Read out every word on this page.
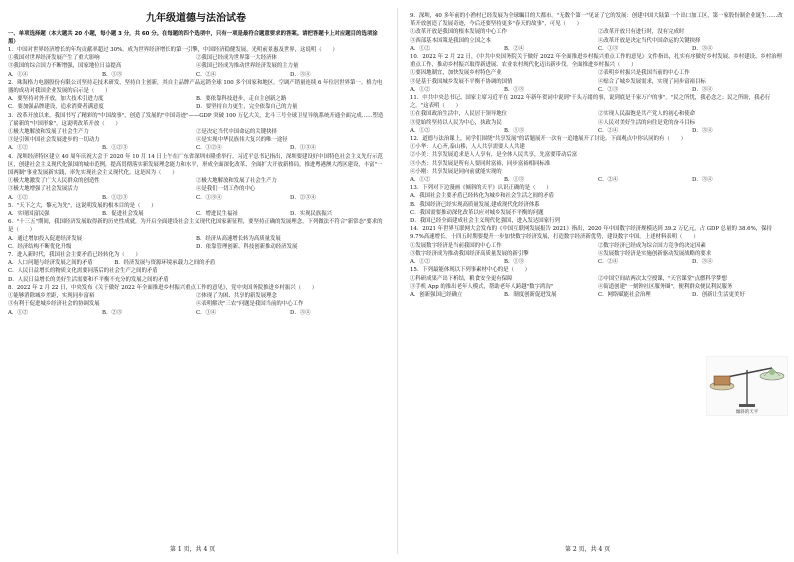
九年级道德与法治试卷
一、单项选择题（本大题共 20 小题，每小题 3 分，共 60 分。在每题的四个选项中，只有一项是最符合题意要求的答案。请把答题卡上对应题目的选项涂黑）
1．中国对世界经济增长的年均贡献率超过 30%，成为世界经济增长的第一引擎，中国经济稳健发展，光明前景惠及世界，这说明（　　）
①我国对世界经济发展产生了重大影响	②我国已经成为世界第一大经济体
③我国的综合国力不断增强，国家地位日益提高	④我国已经成为推动世界经济发展的主力量
A．①④	B．①③	C．②④	D．③④
2．珠海格力电器股份有限公司坚持走技术研发，坚持自主创新，其自主品牌产品远销全球 100 多个国家和地区，空调产销量连续 6 年位居世界第一。格力电器的成功对我国企业发展的启示是（　　）
A．要坚持对外开放，加大技术引进力度	B．要依靠科技进步，走自主创新之路
C．要加强品牌建设，追求消费者满意度	D．要坚持自力更生，完全依靠自己的力量
3．改革开放以来，我国书写了精彩的"中国故事"，创造了发展的"中国奇迹"——GDP 突破 100 万亿大关，北斗三号全球卫星导航系统开通全面完成……塑造了崭新的"中国形象"。这说明改革开放（　　）
①极大地解放和发展了社会生产力	②是决定当代中国命运的关键抉择
③是引领中国社会发展进步的一切动力	④是实现中华民族伟大复兴的唯一途径
A．①②	B．①②③	C．①②④	D．①③④
4．深圳经济特区建立 40 周年庆祝大会于 2020 年 10 月 14 日上午在广东省深圳市隆重举行。习近平总书记指出，深圳要建设好中国特色社会主义先行示范区，创建社会主义现代化强国的城市范例，提高贯彻落实新发展理念能力和水平，形成全面深化改革、全面扩大开放新格局，推进粤港澳大湾区建设，丰富"一国两制"事业发展新实践，率先实现社会主义现代化。这是因为（　　）
①极大地激发了广大人民群众的创造性	②极大地解放和发展了社会生产力
③极大地增强了社会发展活力	④是我们一切工作的中心
A．①②	B．①②③	C．①③④	D．②③④
5．"天下之大，黎元为先"，这说明发展的根本目的是（　　）
A．实现国富民强	B．促进社会发展	C．增进民生福祉	D．实现民族振兴
6．"十三五"期间，我国经济发展取得新的历史性成就，为开启全面建设社会主义现代化国家新征程，要坚持正确的发展理念。下列做法不符合"新常态"要求的是（　　）
A．通过增加投入促进经济发展	B．经济从高速增长转为高质量发展
C．经济结构不断优化升级	D．依靠管理创新、科技创新推动经济发展
7．进入新时代，我国社会主要矛盾已经转化为（　　）
A．人口问题与经济发展之间的矛盾　　　　B．经济发展与资源环境承载力之间的矛盾
C．人民日益增长的物质文化需要同落后的社会生产之间的矛盾
D．人民日益增长的美好生活需要和不平衡不充分的发展之间的矛盾
8．2022 年 2 月 22 日，中央发布《关于做好 2022 年全面推进乡村振兴重点工作的意见》，党中央国务院推进乡村振兴（　　）
①能够消除城乡差距，实现同步富裕	②体现了为困、共享的新发展理念
③有利于促进城乡经济社会的协调发展	④表明解决"三农"问题是我国当前的中心工作
A．①②	B．②③	C．①④	D．③④
9．深圳，40 多年前的小渔村已经发展为全球瞩目的大都市。"无数个第一"见证了它的发展：创建中国大陆第一个出口加工区，第一家股份制企业诞生……改革开放创造了发展奇迹，今后还要坚持更多"春天的故事"，可见（　　）
①改革开放是我国的根本发展的中心工作	②改革开放只有进行时，没有完成时
③西部基本国策是我国的立国之本	④改革开放是决定当代中国命运的关键抉择
A．①②	B．②④	C．①③	D．③④
10．2022 年 2 月 22 日，《中共中央国务院关于做好 2022 年全面推进乡村振兴重点工作的意见》文件指出，扎实有序做好乡村发展、乡村建设、乡村治理重点工作，推动乡村振兴取得新进展、农业农村现代化迈出新步伐。全面推进乡村振兴（　　）
①要因地制宜，加快发展乡村特色产业	②表明乡村振兴是我国当前的中心工作
③是基于我国城乡发展不平衡不协调的国情	④贴合了城乡发展需求，实现了同步富裕目标
A．①②	B．①③	C．②③	D．③④
11．中共中央总书记、国家主席习近平在 2022 年新年贺词中说到"千头万绪的事，说到底是千家万户的事"。"民之所忧，我必念之；民之所盼，我必行之。"这表明（　　）
①在我国政治生活中，人民居于领导地位	②实现人民温饱是共产党人的初心和使命
③党始终坚持以人民为中心，执政为民	④人民对美好生活的向往是党的奋斗目标
A．①②	B．①③	C．②④	D．③④
12．道德与法治课上，同学们围绕"共享发展"的话题展开一次有一追地展开了讨论。下面观点中你认同的有（　　）
①小华：人心齐,泰山移，人人共享需要人人共建
②小美：共享发展追求是人人享有，是全体人民共享，先富要带动后富
③小杰：共享发展是所有人要同时富裕，同步富裕相同标准
④小刚：共享发展是同向前就能实现的
A．①②	B．①③	C．②④	D．③④
13．下列对下边漫画《倾斜的天平》认识正确的是（　　）
A．我国社会主要矛盾已经转化为城乡和社会生活之间的矛盾
B．我国经济已经实现高质量发展,建成现代化经济体系
C．我国需要推动深化改革以应对城乡发展不平衡的问题
D．我国已经全面建成社会主义现代化强国，进入发达国家行列
14．2021 年世界互联网大会发布的《中国互联网发展报告 2021》指出，2020 年中国数字经济规模达到 39.2 万亿元，占 GDP 总量的 38.6%，保持 9.7%高速增长。十四五时期要提升一步加快数字经济发展，打造数字经济新优势，建设数字中国。上述材料表明（　　）
①发展数字经济是当前我国的中心工作	②数字经济已经成为综合国力竞争的决定因素
③数字经济成为推动我国经济高质量发展的新引擎	④发展数字经济是实施创新驱动发展战略的要求
A．①②	B．①③	C．②④	D．③④
15．下列最能体现以下列事素材中心的是（　　）
①科研成果产出下析结，粮食安全更有保障	②中国空间站两次太空授课，"天宫课堂"点燃科学梦想
③手机 App 的推出老年人模式，帮助老年人跨越"数字鸿沟"	④街道创建"一刻钟社区服务圈"，便利群众便民利民服务
A．创新强国已经确立	B．制度创新促进发展	C．网络赋能社会治理	D．创新让生活更美好
倾斜的天平
第 1 页，共 4 页	第 2 页，共 4 页
